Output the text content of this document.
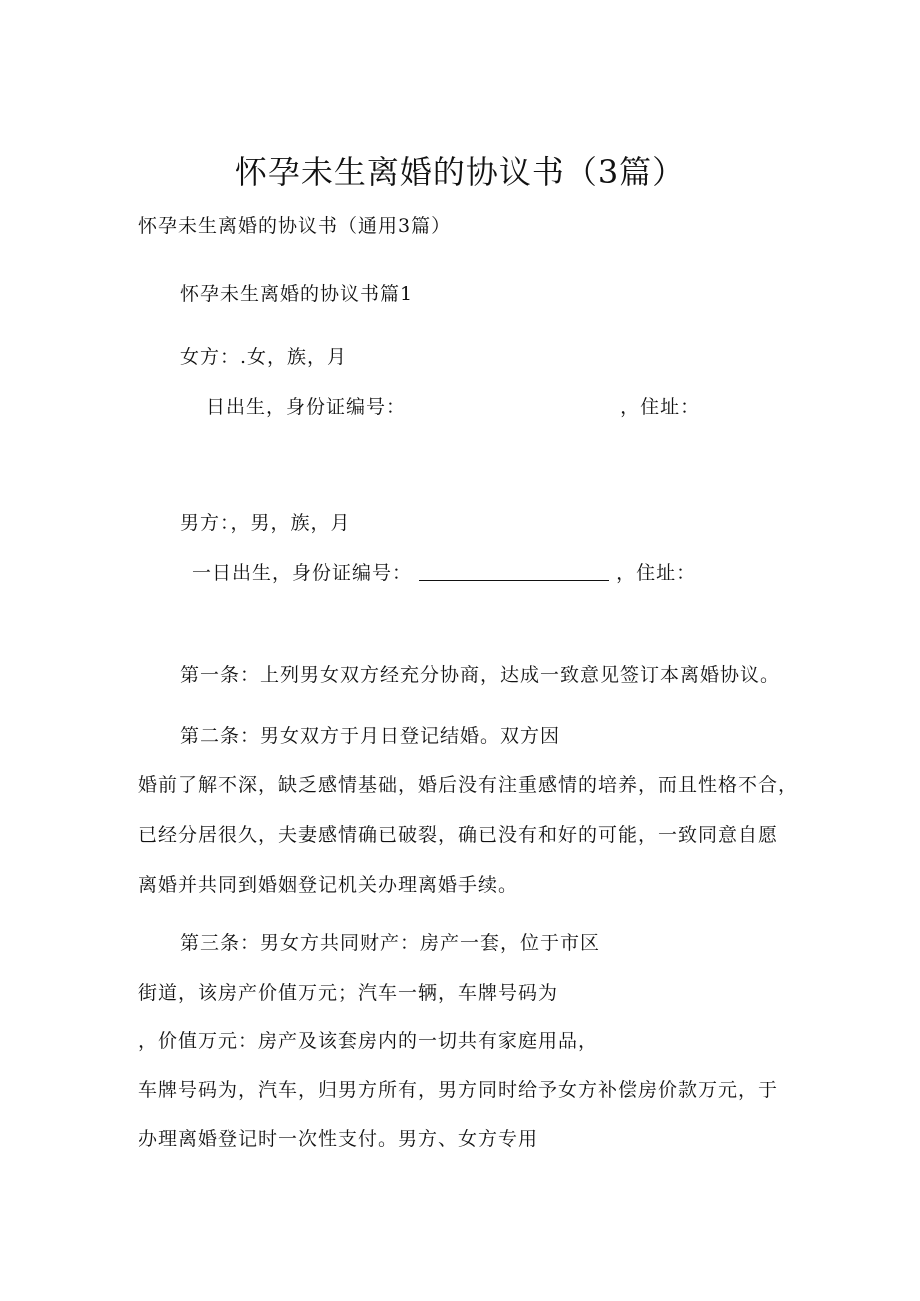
怀孕未生离婚的协议书（3篇）
怀孕未生离婚的协议书（通用3篇）
怀孕未生离婚的协议书篇1
女方：.女，族，月
日出生，身份证编号：	，住址：
男方：，男，族，月
一日出生，身份证编号：	，住址：
第一条：上列男女双方经充分协商，达成一致意见签订本离婚协议。
第二条：男女双方于月日登记结婚。双方因
婚前了解不深，缺乏感情基础，婚后没有注重感情的培养，而且性格不合，
已经分居很久，夫妻感情确已破裂，确已没有和好的可能，一致同意自愿
离婚并共同到婚姻登记机关办理离婚手续。
第三条：男女方共同财产：房产一套，位于市区
街道，该房产价值万元；汽车一辆，车牌号码为
，价值万元：房产及该套房内的一切共有家庭用品，
车牌号码为，汽车，归男方所有，男方同时给予女方补偿房价款万元，于
办理离婚登记时一次性支付。男方、女方专用
